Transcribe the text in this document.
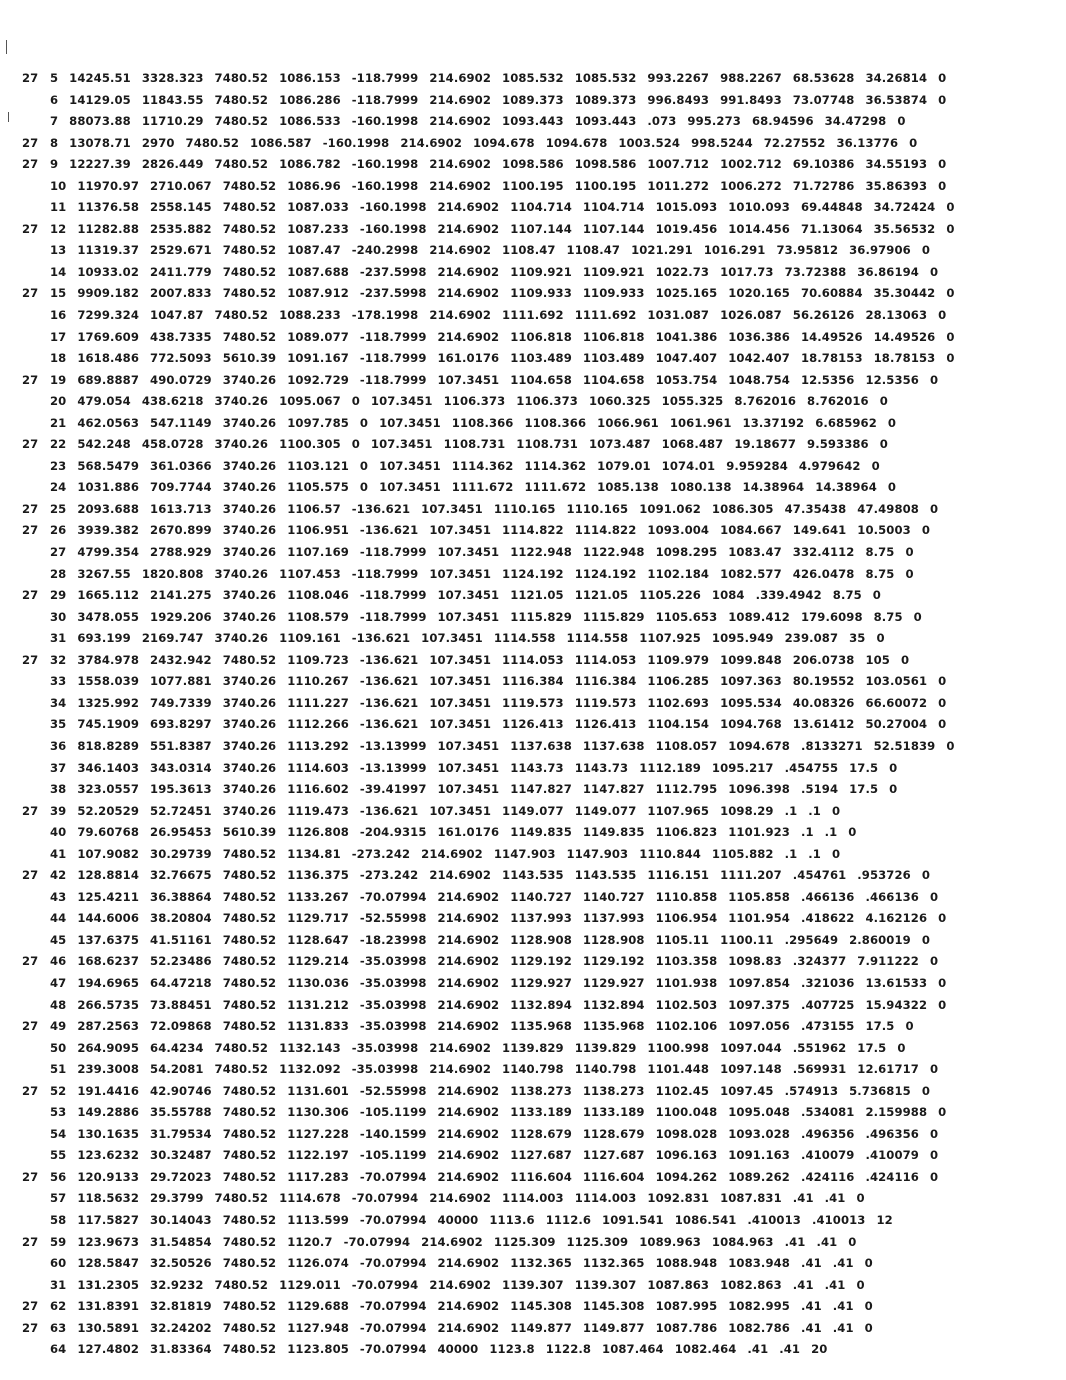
27	5 14245.51 3328.323 7480.52 1086.153 -118.7999 214.6902 1085.532 1085.532 993.2267 988.2267 68.53628 34.26814 0
6 14129.05 11843.55 7480.52 1086.286 -118.7999 214.6902 1089.373 1089.373 996.8493 991.8493 73.07748 36.53874 0
7 88073.88 11710.29 7480.52 1086.533 -160.1998 214.6902 1093.443 1093.443 .073 995.273 68.94596 34.47298 0
27	8 13078.71 2970 7480.52 1086.587 -160.1998 214.6902 1094.678 1094.678 1003.524 998.5244 72.27552 36.13776 0
27	9 12227.39 2826.449 7480.52 1086.782 -160.1998 214.6902 1098.586 1098.586 1007.712 1002.712 69.10386 34.55193 0
10 11970.97 2710.067 7480.52 1086.96 -160.1998 214.6902 1100.195 1100.195 1011.272 1006.272 71.72786 35.86393 0
11 11376.58 2558.145 7480.52 1087.033 -160.1998 214.6902 1104.714 1104.714 1015.093 1010.093 69.44848 34.72424 0
27	12 11282.88 2535.882 7480.52 1087.233 -160.1998 214.6902 1107.144 1107.144 1019.456 1014.456 71.13064 35.56532 0
13 11319.37 2529.671 7480.52 1087.47 -240.2998 214.6902 1108.47 1108.47 1021.291 1016.291 73.95812 36.97906 0
14 10933.02 2411.779 7480.52 1087.688 -237.5998 214.6902 1109.921 1109.921 1022.73 1017.73 73.72388 36.86194 0
27	15 9909.182 2007.833 7480.52 1087.912 -237.5998 214.6902 1109.933 1109.933 1025.165 1020.165 70.60884 35.30442 0
16 7299.324 1047.87 7480.52 1088.233 -178.1998 214.6902 1111.692 1111.692 1031.087 1026.087 56.26126 28.13063 0
17 1769.609 438.7335 7480.52 1089.077 -118.7999 214.6902 1106.818 1106.818 1041.386 1036.386 14.49526 14.49526 0
18 1618.486 772.5093 5610.39 1091.167 -118.7999 161.0176 1103.489 1103.489 1047.407 1042.407 18.78153 18.78153 0
27	19 689.8887 490.0729 3740.26 1092.729 -118.7999 107.3451 1104.658 1104.658 1053.754 1048.754 12.5356 12.5356 0
20 479.054 438.6218 3740.26 1095.067 0 107.3451 1106.373 1106.373 1060.325 1055.325 8.762016 8.762016 0
21 462.0563 547.1149 3740.26 1097.785 0 107.3451 1108.366 1108.366 1066.961 1061.961 13.37192 6.685962 0
27	22 542.248 458.0728 3740.26 1100.305 0 107.3451 1108.731 1108.731 1073.487 1068.487 19.18677 9.593386 0
23 568.5479 361.0366 3740.26 1103.121 0 107.3451 1114.362 1114.362 1079.01 1074.01 9.959284 4.979642 0
24 1031.886 709.7744 3740.26 1105.575 0 107.3451 1111.672 1111.672 1085.138 1080.138 14.38964 14.38964 0
27	25 2093.688 1613.713 3740.26 1106.57 -136.621 107.3451 1110.165 1110.165 1091.062 1086.305 47.35438 47.49808 0
27	26 3939.382 2670.899 3740.26 1106.951 -136.621 107.3451 1114.822 1114.822 1093.004 1084.667 149.641 10.5003 0
27 4799.354 2788.929 3740.26 1107.169 -118.7999 107.3451 1122.948 1122.948 1098.295 1083.47 332.4112 8.75 0
28 3267.55 1820.808 3740.26 1107.453 -118.7999 107.3451 1124.192 1124.192 1102.184 1082.577 426.0478 8.75 0
27	29 1665.112 2141.275 3740.26 1108.046 -118.7999 107.3451 1121.05 1121.05 1105.226 1084 .339.4942 8.75 0
30 3478.055 1929.206 3740.26 1108.579 -118.7999 107.3451 1115.829 1115.829 1105.653 1089.412 179.6098 8.75 0
31 693.199 2169.747 3740.26 1109.161 -136.621 107.3451 1114.558 1114.558 1107.925 1095.949 239.087 35 0
27	32 3784.978 2432.942 7480.52 1109.723 -136.621 107.3451 1114.053 1114.053 1109.979 1099.848 206.0738 105 0
33 1558.039 1077.881 3740.26 1110.267 -136.621 107.3451 1116.384 1116.384 1106.285 1097.363 80.19552 103.0561 0
34 1325.992 749.7339 3740.26 1111.227 -136.621 107.3451 1119.573 1119.573 1102.693 1095.534 40.08326 66.60072 0
35 745.1909 693.8297 3740.26 1112.266 -136.621 107.3451 1126.413 1126.413 1104.154 1094.768 13.61412 50.27004 0
36 818.8289 551.8387 3740.26 1113.292 -13.13999 107.3451 1137.638 1137.638 1108.057 1094.678 .8133271 52.51839 0
37 346.1403 343.0314 3740.26 1114.603 -13.13999 107.3451 1143.73 1143.73 1112.189 1095.217 .454755 17.5 0
38 323.0557 195.3613 3740.26 1116.602 -39.41997 107.3451 1147.827 1147.827 1112.795 1096.398 .5194 17.5 0
27	39 52.20529 52.72451 3740.26 1119.473 -136.621 107.3451 1149.077 1149.077 1107.965 1098.29 .1 .1 0
40 79.60768 26.95453 5610.39 1126.808 -204.9315 161.0176 1149.835 1149.835 1106.823 1101.923 .1 .1 0
41 107.9082 30.29739 7480.52 1134.81 -273.242 214.6902 1147.903 1147.903 1110.844 1105.882 .1 .1 0
27	42 128.8814 32.76675 7480.52 1136.375 -273.242 214.6902 1143.535 1143.535 1116.151 1111.207 .454761 .953726 0
43 125.4211 36.38864 7480.52 1133.267 -70.07994 214.6902 1140.727 1140.727 1110.858 1105.858 .466136 .466136 0
44 144.6006 38.20804 7480.52 1129.717 -52.55998 214.6902 1137.993 1137.993 1106.954 1101.954 .418622 4.162126 0
45 137.6375 41.51161 7480.52 1128.647 -18.23998 214.6902 1128.908 1128.908 1105.11 1100.11 .295649 2.860019 0
27	46 168.6237 52.23486 7480.52 1129.214 -35.03998 214.6902 1129.192 1129.192 1103.358 1098.83 .324377 7.911222 0
47 194.6965 64.47218 7480.52 1130.036 -35.03998 214.6902 1129.927 1129.927 1101.938 1097.854 .321036 13.61533 0
48 266.5735 73.88451 7480.52 1131.212 -35.03998 214.6902 1132.894 1132.894 1102.503 1097.375 .407725 15.94322 0
27	49 287.2563 72.09868 7480.52 1131.833 -35.03998 214.6902 1135.968 1135.968 1102.106 1097.056 .473155 17.5 0
50 264.9095 64.4234 7480.52 1132.143 -35.03998 214.6902 1139.829 1139.829 1100.998 1097.044 .551962 17.5 0
51 239.3008 54.2081 7480.52 1132.092 -35.03998 214.6902 1140.798 1140.798 1101.448 1097.148 .569931 12.61717 0
27	52 191.4416 42.90746 7480.52 1131.601 -52.55998 214.6902 1138.273 1138.273 1102.45 1097.45 .574913 5.736815 0
53 149.2886 35.55788 7480.52 1130.306 -105.1199 214.6902 1133.189 1133.189 1100.048 1095.048 .534081 2.159988 0
54 130.1635 31.79534 7480.52 1127.228 -140.1599 214.6902 1128.679 1128.679 1098.028 1093.028 .496356 .496356 0
55 123.6232 30.32487 7480.52 1122.197 -105.1199 214.6902 1127.687 1127.687 1096.163 1091.163 .410079 .410079 0
27	56 120.9133 29.72023 7480.52 1117.283 -70.07994 214.6902 1116.604 1116.604 1094.262 1089.262 .424116 .424116 0
57 118.5632 29.3799 7480.52 1114.678 -70.07994 214.6902 1114.003 1114.003 1092.831 1087.831 .41 .41 0
58 117.5827 30.14043 7480.52 1113.599 -70.07994 40000 1113.6 1112.6 1091.541 1086.541 .410013 .410013 12
27	59 123.9673 31.54854 7480.52 1120.7 -70.07994 214.6902 1125.309 1125.309 1089.963 1084.963 .41 .41 0
60 128.5847 32.50526 7480.52 1126.074 -70.07994 214.6902 1132.365 1132.365 1088.948 1083.948 .41 .41 0
31 131.2305 32.9232 7480.52 1129.011 -70.07994 214.6902 1139.307 1139.307 1087.863 1082.863 .41 .41 0
27	62 131.8391 32.81819 7480.52 1129.688 -70.07994 214.6902 1145.308 1145.308 1087.995 1082.995 .41 .41 0
27	63 130.5891 32.24202 7480.52 1127.948 -70.07994 214.6902 1149.877 1149.877 1087.786 1082.786 .41 .41 0
64 127.4802 31.83364 7480.52 1123.805 -70.07994 40000 1123.8 1122.8 1087.464 1082.464 .41 .41 20
